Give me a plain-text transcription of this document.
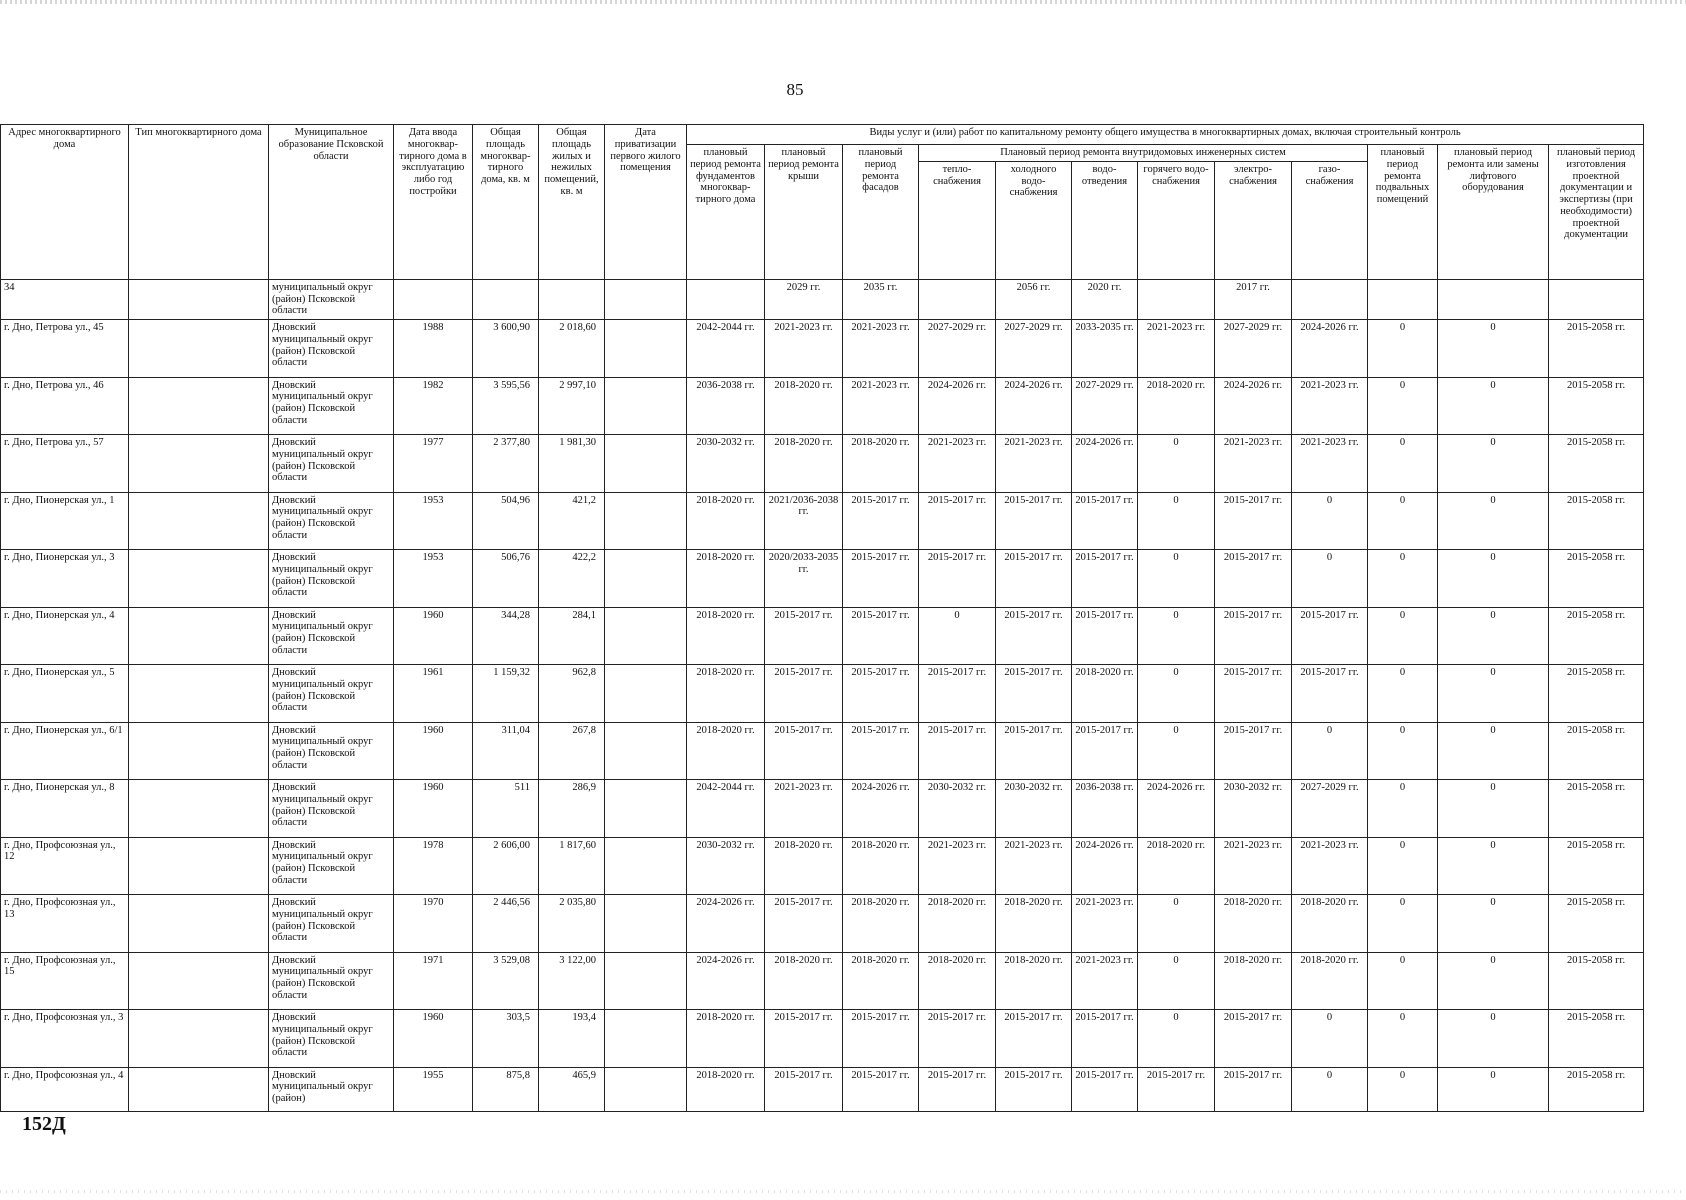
85
Адрес многоквартирного дома	Тип многоквартирного дома	Муниципальное образование Псковской области	Дата ввода многоквар-тирного дома в эксплуатацию либо год постройки	Общая площадь многоквар-тирного дома, кв. м	Общая площадь жилых и нежилых помещений, кв. м	Дата приватизации первого жилого помещения	Виды услуг и (или) работ по капитальному ремонту общего имущества в многоквартирных домах, включая строительный контроль											
							плановый период ремонта фундаментов многоквар-тирного дома	плановый период ремонта крыши	плановый период ремонта фасадов	Плановый период ремонта внутридомовых инженерных систем						плановый период ремонта подвальных помещений	плановый период ремонта или замены лифтового оборудования	плановый период изготовления проектной документации и экспертизы (при необходимости) проектной документации
										тепло-снабжения	холодного водо-снабжения	водо-отведения	горячего водо-снабжения	электро-снабжения	газо-снабжения			
34		муниципальный округ (район) Псковской области						2029 гг.	2035 гг.		2056 гг.	2020 гг.		2017 гг.				
г. Дно, Петрова ул., 45		Дновский муниципальный округ (район) Псковской области	1988	3 600,90	2 018,60		2042-2044 гг.	2021-2023 гг.	2021-2023 гг.	2027-2029 гг.	2027-2029 гг.	2033-2035 гг.	2021-2023 гг.	2027-2029 гг.	2024-2026 гг.	0	0	2015-2058 гг.
г. Дно, Петрова ул., 46		Дновский муниципальный округ (район) Псковской области	1982	3 595,56	2 997,10		2036-2038 гг.	2018-2020 гг.	2021-2023 гг.	2024-2026 гг.	2024-2026 гг.	2027-2029 гг.	2018-2020 гг.	2024-2026 гг.	2021-2023 гг.	0	0	2015-2058 гг.
г. Дно, Петрова ул., 57		Дновский муниципальный округ (район) Псковской области	1977	2 377,80	1 981,30		2030-2032 гг.	2018-2020 гг.	2018-2020 гг.	2021-2023 гг.	2021-2023 гг.	2024-2026 гг.	0	2021-2023 гг.	2021-2023 гг.	0	0	2015-2058 гг.
г. Дно, Пионерская ул., 1		Дновский муниципальный округ (район) Псковской области	1953	504,96	421,2		2018-2020 гг.	2021/2036-2038 гг.	2015-2017 гг.	2015-2017 гг.	2015-2017 гг.	2015-2017 гг.	0	2015-2017 гг.	0	0	0	2015-2058 гг.
г. Дно, Пионерская ул., 3		Дновский муниципальный округ (район) Псковской области	1953	506,76	422,2		2018-2020 гг.	2020/2033-2035 гг.	2015-2017 гг.	2015-2017 гг.	2015-2017 гг.	2015-2017 гг.	0	2015-2017 гг.	0	0	0	2015-2058 гг.
г. Дно, Пионерская ул., 4		Дновский муниципальный округ (район) Псковской области	1960	344,28	284,1		2018-2020 гг.	2015-2017 гг.	2015-2017 гг.	0	2015-2017 гг.	2015-2017 гг.	0	2015-2017 гг.	2015-2017 гг.	0	0	2015-2058 гг.
г. Дно, Пионерская ул., 5		Дновский муниципальный округ (район) Псковской области	1961	1 159,32	962,8		2018-2020 гг.	2015-2017 гг.	2015-2017 гг.	2015-2017 гг.	2015-2017 гг.	2018-2020 гг.	0	2015-2017 гг.	2015-2017 гг.	0	0	2015-2058 гг.
г. Дно, Пионерская ул., 6/1		Дновский муниципальный округ (район) Псковской области	1960	311,04	267,8		2018-2020 гг.	2015-2017 гг.	2015-2017 гг.	2015-2017 гг.	2015-2017 гг.	2015-2017 гг.	0	2015-2017 гг.	0	0	0	2015-2058 гг.
г. Дно, Пионерская ул., 8		Дновский муниципальный округ (район) Псковской области	1960	511	286,9		2042-2044 гг.	2021-2023 гг.	2024-2026 гг.	2030-2032 гг.	2030-2032 гг.	2036-2038 гг.	2024-2026 гг.	2030-2032 гг.	2027-2029 гг.	0	0	2015-2058 гг.
г. Дно, Профсоюзная ул., 12		Дновский муниципальный округ (район) Псковской области	1978	2 606,00	1 817,60		2030-2032 гг.	2018-2020 гг.	2018-2020 гг.	2021-2023 гг.	2021-2023 гг.	2024-2026 гг.	2018-2020 гг.	2021-2023 гг.	2021-2023 гг.	0	0	2015-2058 гг.
г. Дно, Профсоюзная ул., 13		Дновский муниципальный округ (район) Псковской области	1970	2 446,56	2 035,80		2024-2026 гг.	2015-2017 гг.	2018-2020 гг.	2018-2020 гг.	2018-2020 гг.	2021-2023 гг.	0	2018-2020 гг.	2018-2020 гг.	0	0	2015-2058 гг.
г. Дно, Профсоюзная ул., 15		Дновский муниципальный округ (район) Псковской области	1971	3 529,08	3 122,00		2024-2026 гг.	2018-2020 гг.	2018-2020 гг.	2018-2020 гг.	2018-2020 гг.	2021-2023 гг.	0	2018-2020 гг.	2018-2020 гг.	0	0	2015-2058 гг.
г. Дно, Профсоюзная ул., 3		Дновский муниципальный округ (район) Псковской области	1960	303,5	193,4		2018-2020 гг.	2015-2017 гг.	2015-2017 гг.	2015-2017 гг.	2015-2017 гг.	2015-2017 гг.	0	2015-2017 гг.	0	0	0	2015-2058 гг.
г. Дно, Профсоюзная ул., 4		Дновский муниципальный округ (район)	1955	875,8	465,9		2018-2020 гг.	2015-2017 гг.	2015-2017 гг.	2015-2017 гг.	2015-2017 гг.	2015-2017 гг.	2015-2017 гг.	2015-2017 гг.	0	0	0	2015-2058 гг.
152Д
